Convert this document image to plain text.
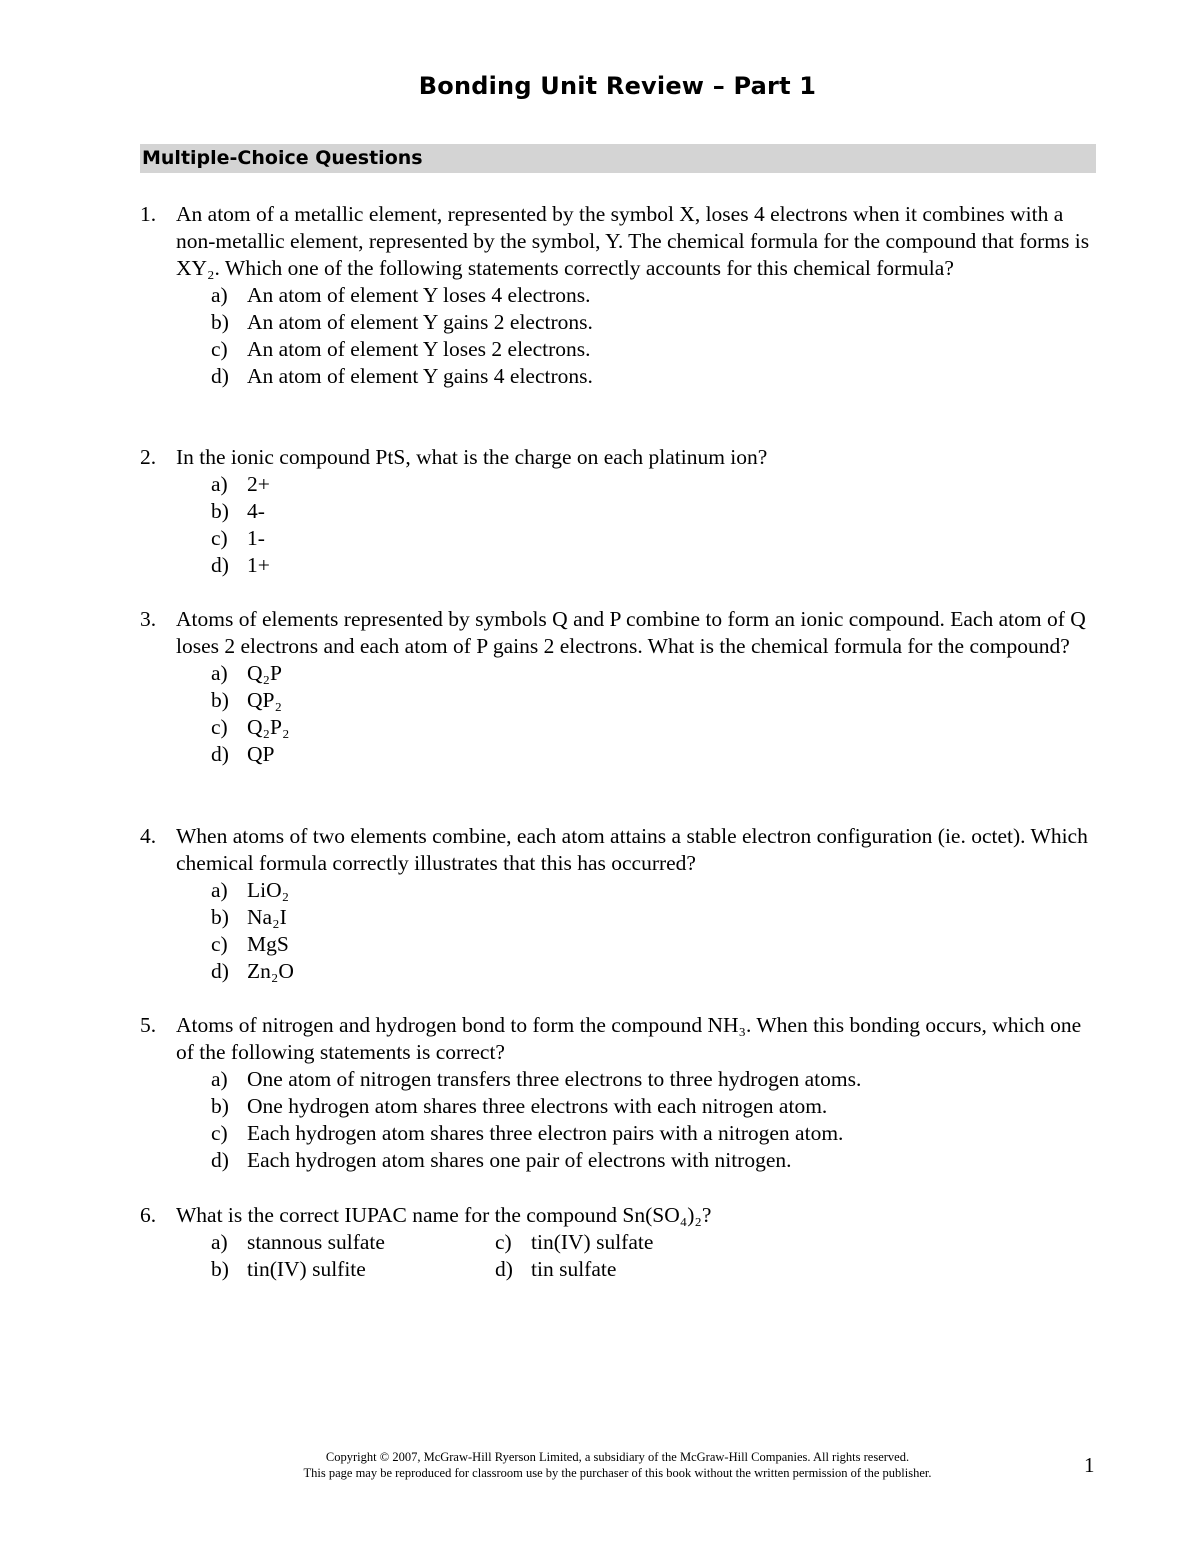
Bonding Unit Review – Part 1
Multiple-Choice Questions
1. An atom of a metallic element, represented by the symbol X, loses 4 electrons when it combines with a non-metallic element, represented by the symbol, Y. The chemical formula for the compound that forms is XY₂. Which one of the following statements correctly accounts for this chemical formula?
a) An atom of element Y loses 4 electrons.
b) An atom of element Y gains 2 electrons.
c) An atom of element Y loses 2 electrons.
d) An atom of element Y gains 4 electrons.
2. In the ionic compound PtS, what is the charge on each platinum ion?
a) 2+
b) 4-
c) 1-
d) 1+
3. Atoms of elements represented by symbols Q and P combine to form an ionic compound. Each atom of Q loses 2 electrons and each atom of P gains 2 electrons. What is the chemical formula for the compound?
a) Q₂P
b) QP₂
c) Q₂P₂
d) QP
4. When atoms of two elements combine, each atom attains a stable electron configuration (ie. octet). Which chemical formula correctly illustrates that this has occurred?
a) LiO₂
b) Na₂I
c) MgS
d) Zn₂O
5. Atoms of nitrogen and hydrogen bond to form the compound NH₃. When this bonding occurs, which one of the following statements is correct?
a) One atom of nitrogen transfers three electrons to three hydrogen atoms.
b) One hydrogen atom shares three electrons with each nitrogen atom.
c) Each hydrogen atom shares three electron pairs with a nitrogen atom.
d) Each hydrogen atom shares one pair of electrons with nitrogen.
6. What is the correct IUPAC name for the compound Sn(SO₄)₂?
a) stannous sulfate
b) tin(IV) sulfite
c) tin(IV) sulfate
d) tin sulfate
Copyright © 2007, McGraw-Hill Ryerson Limited, a subsidiary of the McGraw-Hill Companies. All rights reserved.
This page may be reproduced for classroom use by the purchaser of this book without the written permission of the publisher.	1
